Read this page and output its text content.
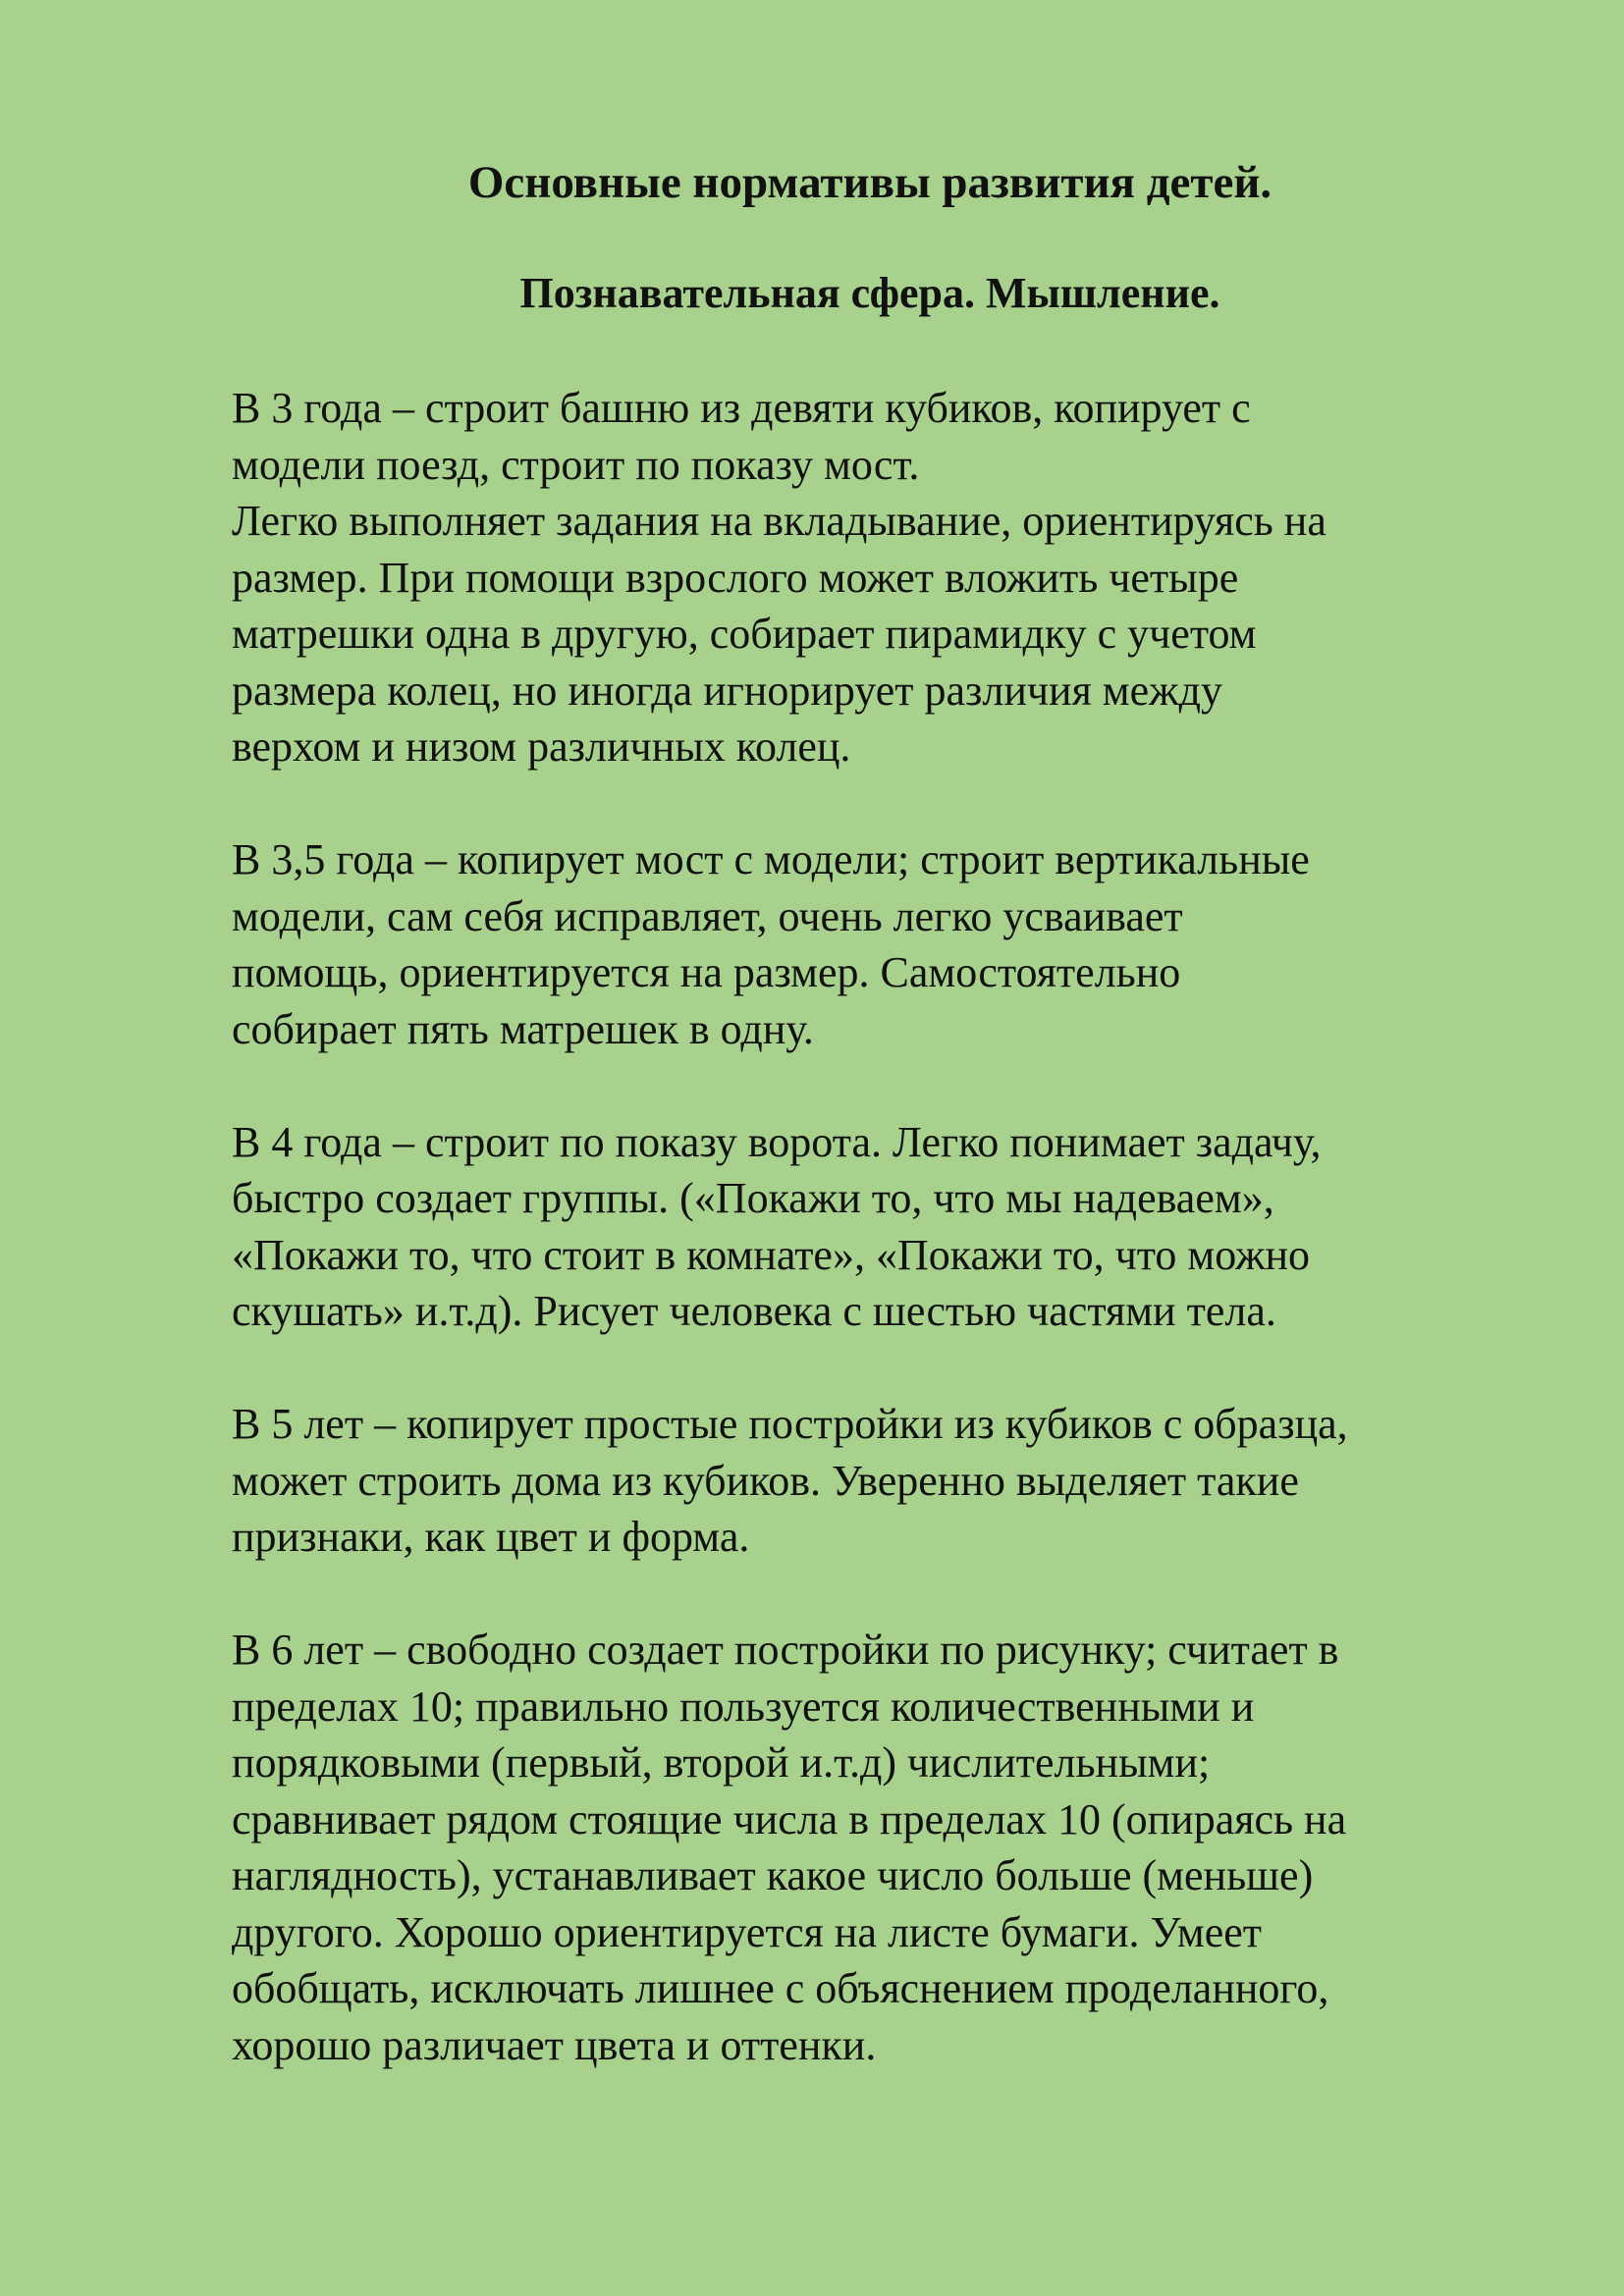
Основные нормативы развития детей.
Познавательная сфера. Мышление.

В 3 года – строит башню из девяти кубиков, копирует с
модели поезд, строит по показу мост.
Легко выполняет задания на вкладывание, ориентируясь на
размер. При помощи взрослого может вложить четыре
матрешки одна в другую, собирает пирамидку с учетом
размера колец, но иногда игнорирует различия между
верхом и низом различных колец.

В 3,5 года – копирует мост с модели; строит вертикальные
модели, сам себя исправляет, очень легко усваивает
помощь, ориентируется на размер. Самостоятельно
собирает пять матрешек в одну.

В 4 года – строит по показу ворота. Легко понимает задачу,
быстро создает группы. («Покажи то, что мы надеваем»,
«Покажи то, что стоит в комнате», «Покажи то, что можно
скушать» и.т.д). Рисует человека с шестью частями тела.

В 5 лет – копирует простые постройки из кубиков с образца,
может строить дома из кубиков. Уверенно выделяет такие
признаки, как цвет и форма.

В 6 лет – свободно создает постройки по рисунку; считает в
пределах 10; правильно пользуется количественными и
порядковыми (первый, второй и.т.д) числительными;
сравнивает рядом стоящие числа в пределах 10 (опираясь на
наглядность), устанавливает какое число больше (меньше)
другого. Хорошо ориентируется на листе бумаги. Умеет
обобщать, исключать лишнее с объяснением проделанного,
хорошо различает цвета и оттенки.
